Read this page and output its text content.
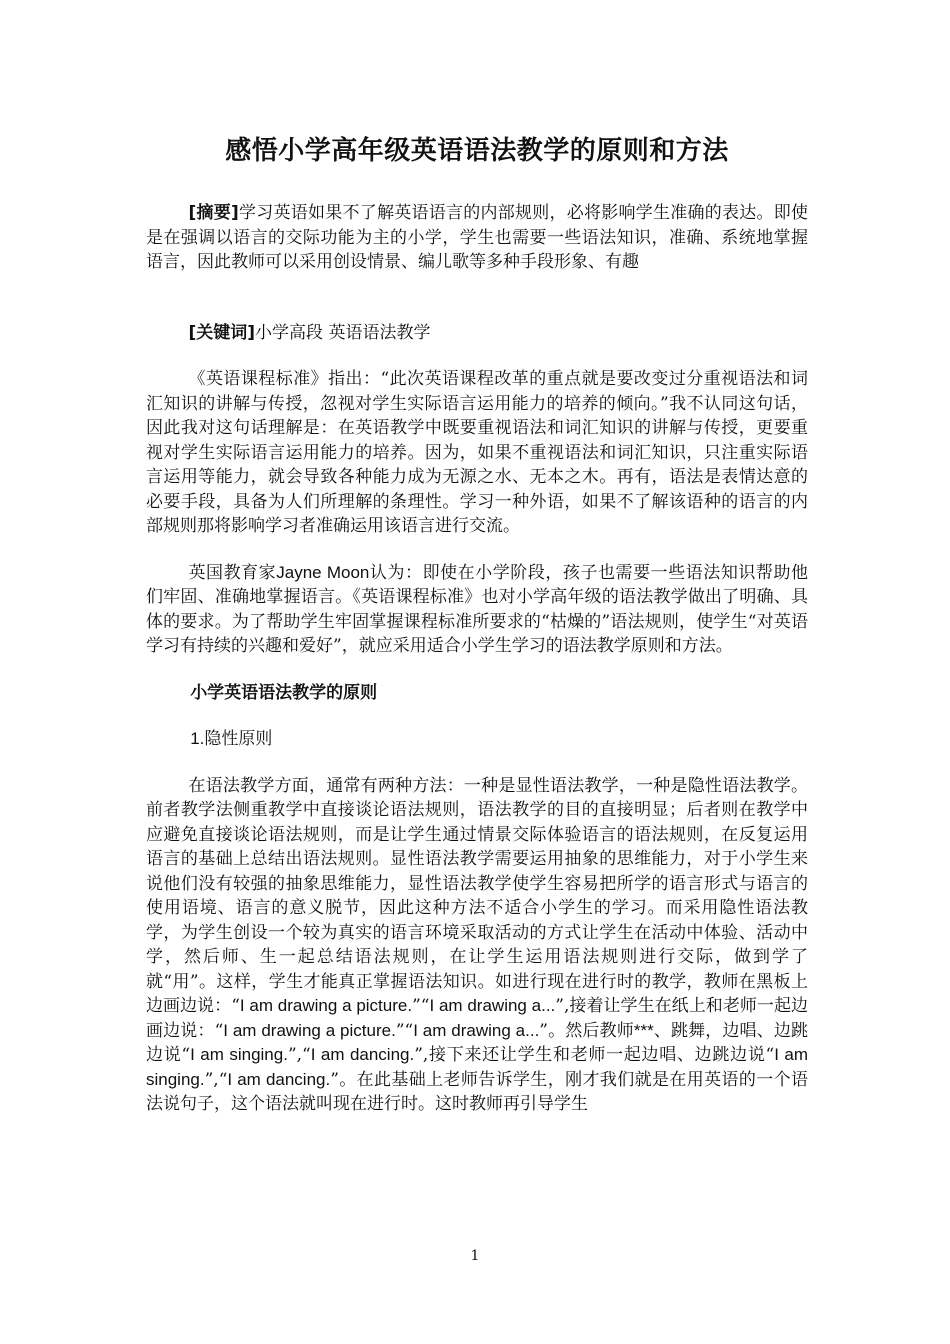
感悟小学高年级英语语法教学的原则和方法

[摘要]学习英语如果不了解英语语言的内部规则，必将影响学生准确的表达。即使是在强调以语言的交际功能为主的小学，学生也需要一些语法知识，准确、系统地掌握语言，因此教师可以采用创设情景、编儿歌等多种手段形象、有趣

[关键词]小学高段 英语语法教学

《英语课程标准》指出：“此次英语课程改革的重点就是要改变过分重视语法和词汇知识的讲解与传授，忽视对学生实际语言运用能力的培养的倾向。”我不认同这句话，因此我对这句话理解是：在英语教学中既要重视语法和词汇知识的讲解与传授，更要重视对学生实际语言运用能力的培养。因为，如果不重视语法和词汇知识，只注重实际语言运用等能力，就会导致各种能力成为无源之水、无本之木。再有，语法是表情达意的必要手段，具备为人们所理解的条理性。学习一种外语，如果不了解该语种的语言的内部规则那将影响学习者准确运用该语言进行交流。

英国教育家Jayne Moon认为：即使在小学阶段，孩子也需要一些语法知识帮助他们牢固、准确地掌握语言。《英语课程标准》也对小学高年级的语法教学做出了明确、具体的要求。为了帮助学生牢固掌握课程标准所要求的“枯燥的”语法规则，使学生“对英语学习有持续的兴趣和爱好”，就应采用适合小学生学习的语法教学原则和方法。

小学英语语法教学的原则
1.隐性原则

在语法教学方面，通常有两种方法：一种是显性语法教学，一种是隐性语法教学。前者教学法侧重教学中直接谈论语法规则，语法教学的目的直接明显；后者则在教学中应避免直接谈论语法规则，而是让学生通过情景交际体验语言的语法规则，在反复运用语言的基础上总结出语法规则。显性语法教学需要运用抽象的思维能力，对于小学生来说他们没有较强的抽象思维能力，显性语法教学使学生容易把所学的语言形式与语言的使用语境、语言的意义脱节，因此这种方法不适合小学生的学习。而采用隐性语法教学，为学生创设一个较为真实的语言环境采取活动的方式让学生在活动中体验、活动中学，然后师、生一起总结语法规则，在让学生运用语法规则进行交际，做到学了就“用”。这样，学生才能真正掌握语法知识。如进行现在进行时的教学，教师在黑板上边画边说：“I am drawing a picture.”“I am drawing a...”,接着让学生在纸上和老师一起边画边说：“I am drawing a picture.”“I am drawing a...”。然后教师***、跳舞，边唱、边跳边说“I am singing.”,“I am dancing.”,接下来还让学生和老师一起边唱、边跳边说“I am singing.”,“I am dancing.”。在此基础上老师告诉学生，刚才我们就是在用英语的一个语法说句子，这个语法就叫现在进行时。这时教师再引导学生

1
